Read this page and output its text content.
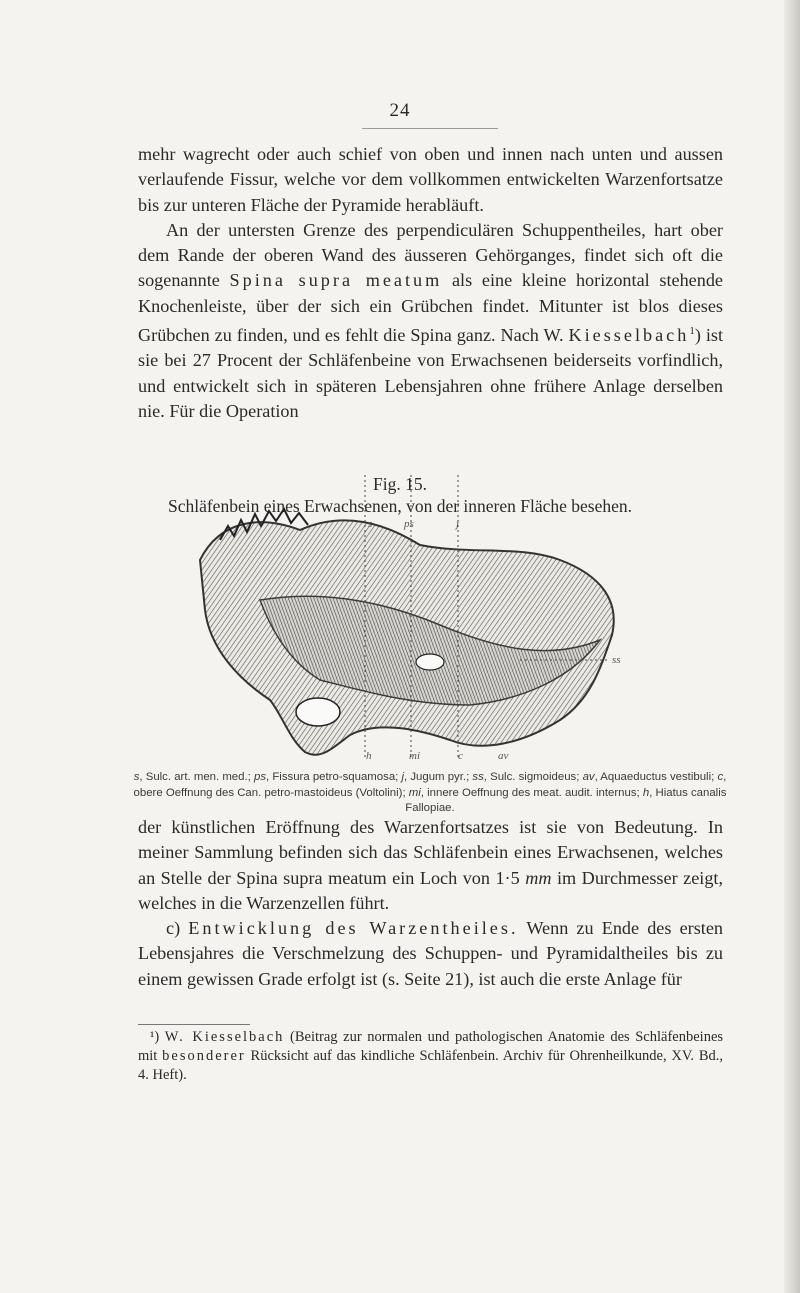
24

mehr wagrecht oder auch schief von oben und innen nach unten und aussen verlaufende Fissur, welche vor dem vollkommen entwickelten Warzenfortsatze bis zur unteren Fläche der Pyramide herabläuft.

An der untersten Grenze des perpendiculären Schuppentheiles, hart ober dem Rande der oberen Wand des äusseren Gehörganges, findet sich oft die sogenannte Spina supra meatum als eine kleine horizontal stehende Knochenleiste, über der sich ein Grübchen findet. Mitunter ist blos dieses Grübchen zu finden, und es fehlt die Spina ganz. Nach W. Kiesselbach$^1$) ist sie bei 27 Procent der Schläfenbeine von Erwachsenen beiderseits vorfindlich, und entwickelt sich in späteren Lebensjahren ohne frühere Anlage derselben nie. Für die Operation

Fig. 15.
Schläfenbein eines Erwachsenen, von der inneren Fläche besehen.
s	ps	j
ss
h	mi	c	av
s, Sulc. art. men. med.; ps, Fissura petro-squamosa; j, Jugum pyr.; ss, Sulc. sigmoideus; av, Aquaeductus vestibuli; c, obere Oeffnung des Can. petro-mastoideus (Voltolini); mi, innere Oeffnung des meat. audit. internus; h, Hiatus canalis Fallopiae.

der künstlichen Eröffnung des Warzenfortsatzes ist sie von Bedeutung. In meiner Sammlung befinden sich das Schläfenbein eines Erwachsenen, welches an Stelle der Spina supra meatum ein Loch von 1·5 mm im Durchmesser zeigt, welches in die Warzenzellen führt.

c) Entwicklung des Warzentheiles. Wenn zu Ende des ersten Lebensjahres die Verschmelzung des Schuppen- und Pyramidaltheiles bis zu einem gewissen Grade erfolgt ist (s. Seite 21), ist auch die erste Anlage für

¹) W. Kiesselbach (Beitrag zur normalen und pathologischen Anatomie des Schläfenbeines mit besonderer Rücksicht auf das kindliche Schläfenbein. Archiv für Ohrenheilkunde, XV. Bd., 4. Heft).
